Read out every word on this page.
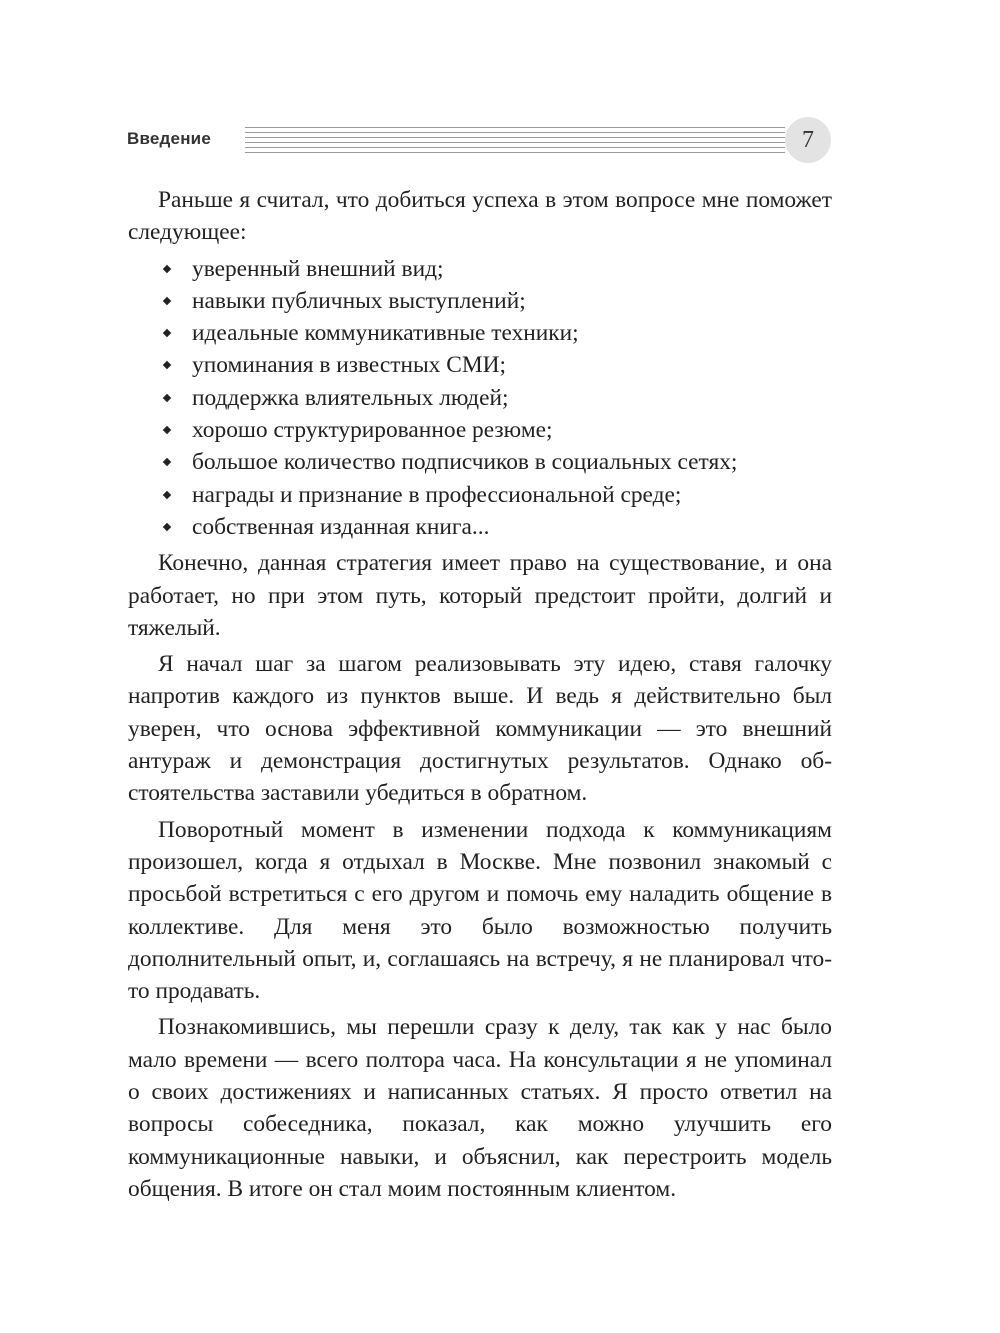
Введение	7

Раньше я считал, что добиться успеха в этом вопросе мне поможет следующее:

уверенный внешний вид;
навыки публичных выступлений;
идеальные коммуникативные техники;
упоминания в известных СМИ;
поддержка влиятельных людей;
хорошо структурированное резюме;
большое количество подписчиков в социальных сетях;
награды и признание в профессиональной среде;
собственная изданная книга...

Конечно, данная стратегия имеет право на существование, и она работает, но при этом путь, который предстоит пройти, долгий и тяжелый.

Я начал шаг за шагом реализовывать эту идею, ставя галочку напротив каждого из пунктов выше. И ведь я действительно был уверен, что основа эффективной коммуникации — это внешний антураж и демонстрация достигнутых результатов. Однако обстоятельства заставили убедиться в обратном.

Поворотный момент в изменении подхода к коммуникациям произошел, когда я отдыхал в Москве. Мне позвонил знакомый с просьбой встретиться с его другом и помочь ему наладить общение в коллективе. Для меня это было возможностью получить дополнительный опыт, и, соглашаясь на встречу, я не планировал что-то продавать.

Познакомившись, мы перешли сразу к делу, так как у нас было мало времени — всего полтора часа. На консультации я не упоминал о своих достижениях и написанных статьях. Я просто ответил на вопросы собеседника, показал, как можно улучшить его коммуникационные навыки, и объяснил, как перестроить модель общения. В итоге он стал моим постоянным клиентом.
